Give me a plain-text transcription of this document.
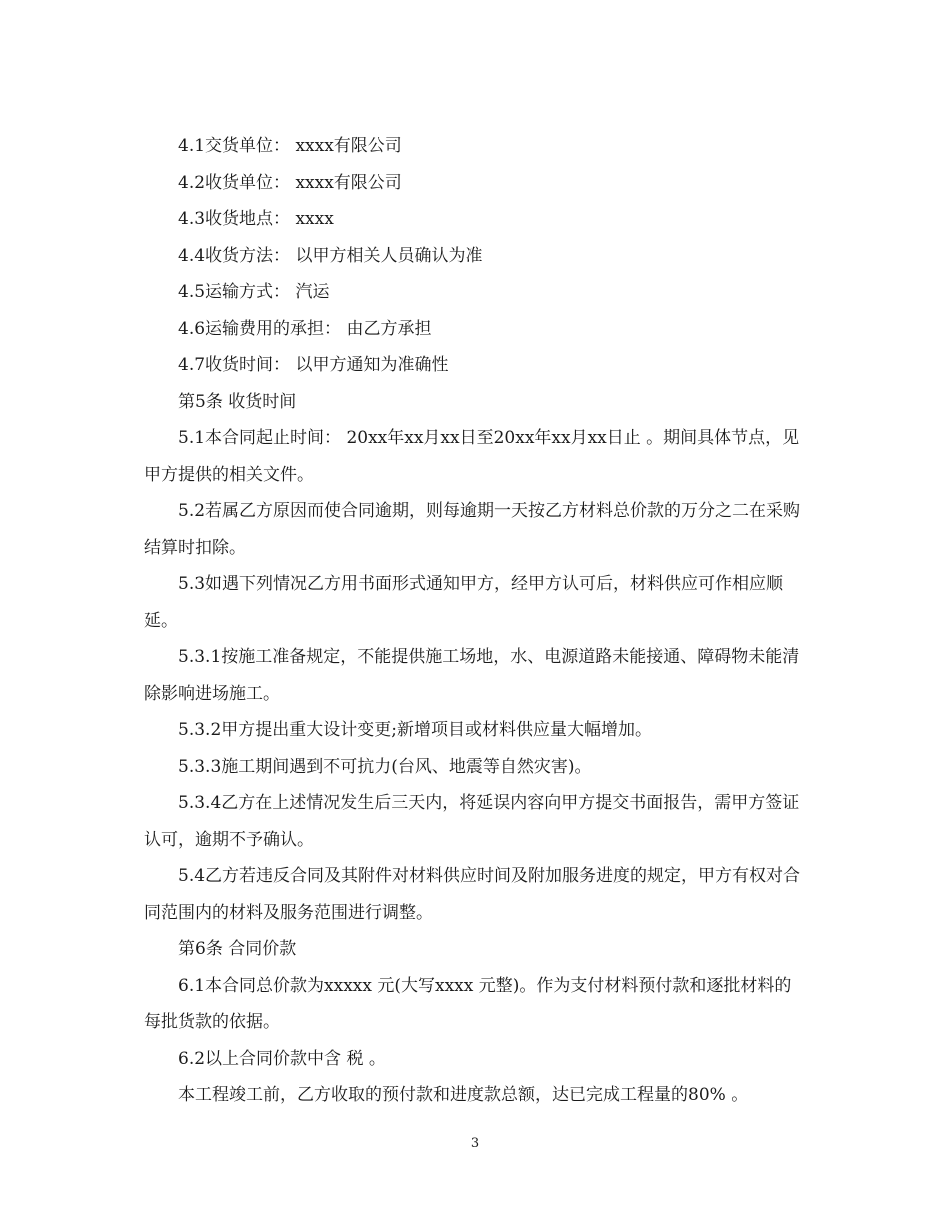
4.1交货单位： xxxx有限公司

4.2收货单位： xxxx有限公司

4.3收货地点： xxxx

4.4收货方法： 以甲方相关人员确认为准

4.5运输方式： 汽运

4.6运输费用的承担： 由乙方承担

4.7收货时间： 以甲方通知为准确性

第5条 收货时间

5.1本合同起止时间： 20xx年xx月xx日至20xx年xx月xx日止 。期间具体节点，见甲方提供的相关文件。

5.2若属乙方原因而使合同逾期，则每逾期一天按乙方材料总价款的万分之二在采购结算时扣除。

5.3如遇下列情况乙方用书面形式通知甲方，经甲方认可后，材料供应可作相应顺延。

5.3.1按施工准备规定，不能提供施工场地，水、电源道路未能接通、障碍物未能清除影响进场施工。

5.3.2甲方提出重大设计变更;新增项目或材料供应量大幅增加。

5.3.3施工期间遇到不可抗力(台风、地震等自然灾害)。

5.3.4乙方在上述情况发生后三天内，将延误内容向甲方提交书面报告，需甲方签证认可，逾期不予确认。

5.4乙方若违反合同及其附件对材料供应时间及附加服务进度的规定，甲方有权对合同范围内的材料及服务范围进行调整。

第6条 合同价款

6.1本合同总价款为xxxxx 元(大写xxxx 元整)。作为支付材料预付款和逐批材料的每批货款的依据。

6.2以上合同价款中含 税 。

本工程竣工前，乙方收取的预付款和进度款总额，达已完成工程量的80% 。

3
